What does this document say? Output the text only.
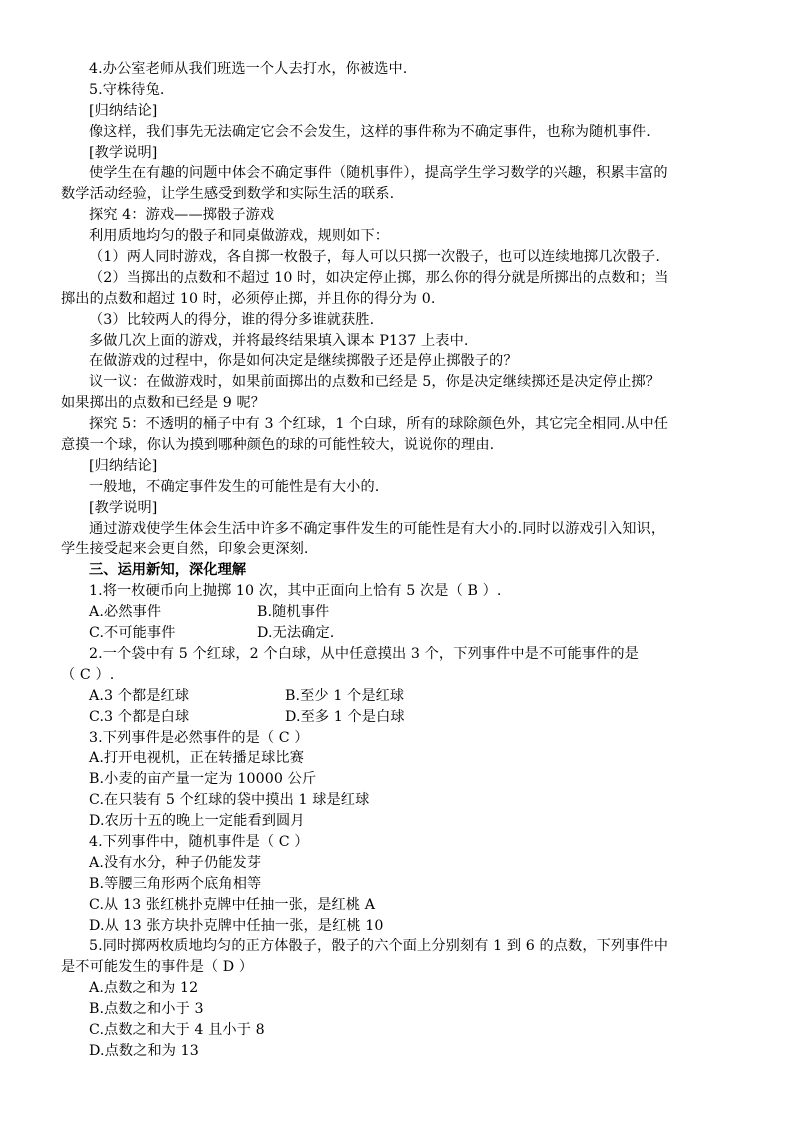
4.办公室老师从我们班选一个人去打水，你被选中.
5.守株待兔.
[归纳结论]
像这样，我们事先无法确定它会不会发生，这样的事件称为不确定事件，也称为随机事件.
[教学说明]
使学生在有趣的问题中体会不确定事件（随机事件），提高学生学习数学的兴趣，积累丰富的
数学活动经验，让学生感受到数学和实际生活的联系.
探究 4：游戏——掷骰子游戏
利用质地均匀的骰子和同桌做游戏，规则如下：
（1）两人同时游戏，各自掷一枚骰子，每人可以只掷一次骰子，也可以连续地掷几次骰子.
（2）当掷出的点数和不超过 10 时，如决定停止掷，那么你的得分就是所掷出的点数和；当
掷出的点数和超过 10 时，必须停止掷，并且你的得分为 0.
（3）比较两人的得分，谁的得分多谁就获胜.
多做几次上面的游戏，并将最终结果填入课本 P137 上表中.
在做游戏的过程中，你是如何决定是继续掷骰子还是停止掷骰子的？
议一议：在做游戏时，如果前面掷出的点数和已经是 5，你是决定继续掷还是决定停止掷？
如果掷出的点数和已经是 9 呢？
探究 5：不透明的桶子中有 3 个红球，1 个白球，所有的球除颜色外，其它完全相同.从中任
意摸一个球，你认为摸到哪种颜色的球的可能性较大，说说你的理由.
[归纳结论]
一般地，不确定事件发生的可能性是有大小的.
[教学说明]
通过游戏使学生体会生活中许多不确定事件发生的可能性是有大小的.同时以游戏引入知识，
学生接受起来会更自然，印象会更深刻.
三、运用新知，深化理解
1.将一枚硬币向上抛掷 10 次，其中正面向上恰有 5 次是（ B ）.
A.必然事件	B.随机事件
C.不可能事件	D.无法确定.
2.一个袋中有 5 个红球，2 个白球，从中任意摸出 3 个，下列事件中是不可能事件的是
（ C ）.
A.3 个都是红球	B.至少 1 个是红球
C.3 个都是白球	D.至多 1 个是白球
3.下列事件是必然事件的是（ C ）
A.打开电视机，正在转播足球比赛
B.小麦的亩产量一定为 10000 公斤
C.在只装有 5 个红球的袋中摸出 1 球是红球
D.农历十五的晚上一定能看到圆月
4.下列事件中，随机事件是（ C ）
A.没有水分，种子仍能发芽
B.等腰三角形两个底角相等
C.从 13 张红桃扑克牌中任抽一张，是红桃 A
D.从 13 张方块扑克牌中任抽一张，是红桃 10
5.同时掷两枚质地均匀的正方体骰子，骰子的六个面上分别刻有 1 到 6 的点数，下列事件中
是不可能发生的事件是（ D ）
A.点数之和为 12
B.点数之和小于 3
C.点数之和大于 4 且小于 8
D.点数之和为 13
